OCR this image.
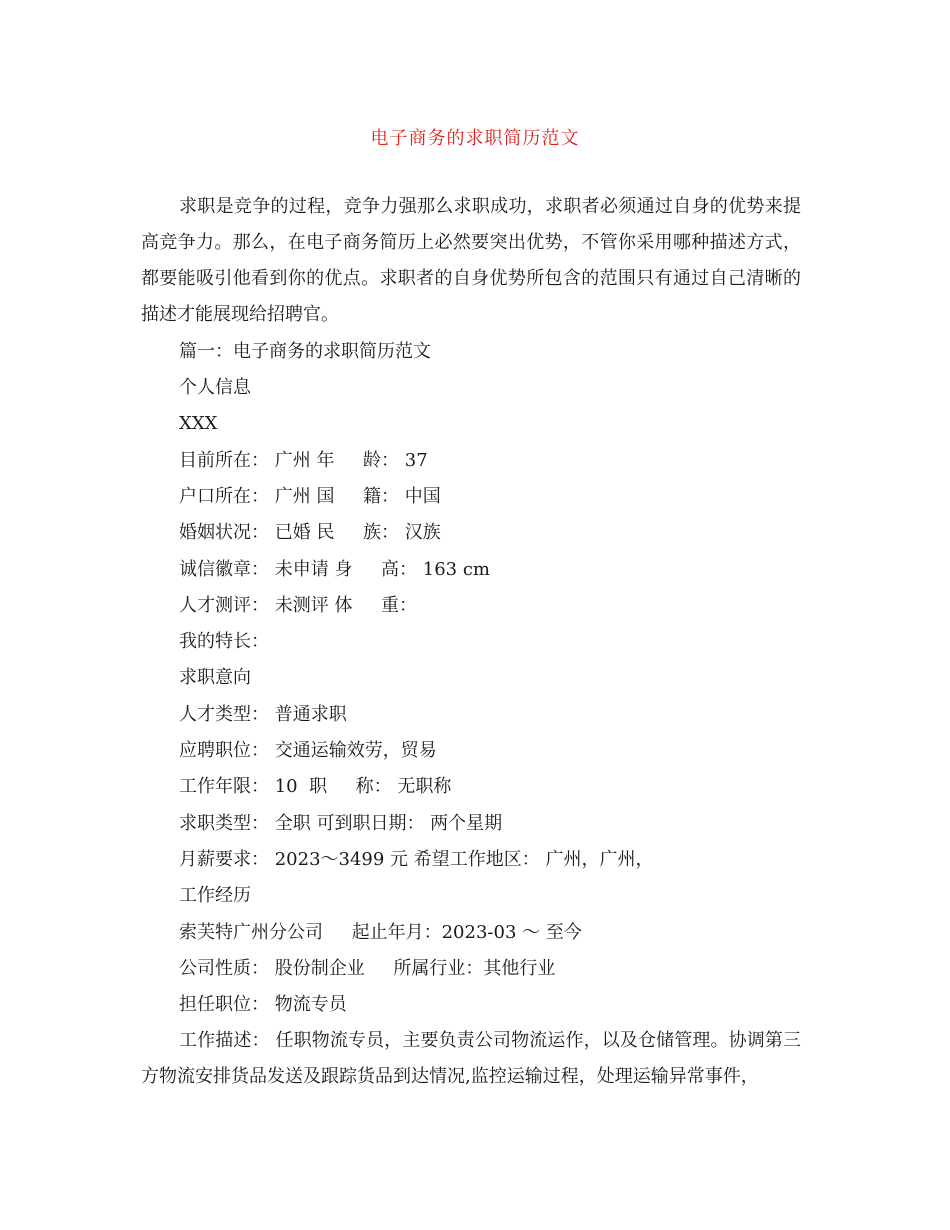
电子商务的求职简历范文
求职是竞争的过程，竞争力强那么求职成功，求职者必须通过自身的优势来提高竞争力。那么，在电子商务简历上必然要突出优势，不管你采用哪种描述方式，都要能吸引他看到你的优点。求职者的自身优势所包含的范围只有通过自己清晰的描述才能展现给招聘官。
篇一：电子商务的求职简历范文
个人信息
XXX
目前所在： 广州 年     龄： 37
户口所在： 广州 国     籍： 中国
婚姻状况： 已婚 民     族： 汉族
诚信徽章： 未申请 身     高： 163 cm
人才测评： 未测评 体     重：
我的特长：
求职意向
人才类型： 普通求职
应聘职位： 交通运输效劳，贸易
工作年限： 10  职     称： 无职称
求职类型： 全职 可到职日期： 两个星期
月薪要求： 2023～3499 元 希望工作地区： 广州，广州，
工作经历
索芙特广州分公司     起止年月：2023-03 ～ 至今
公司性质： 股份制企业     所属行业：其他行业
担任职位： 物流专员
工作描述： 任职物流专员，主要负责公司物流运作，以及仓储管理。协调第三方物流安排货品发送及跟踪货品到达情况,监控运输过程，处理运输异常事件，
